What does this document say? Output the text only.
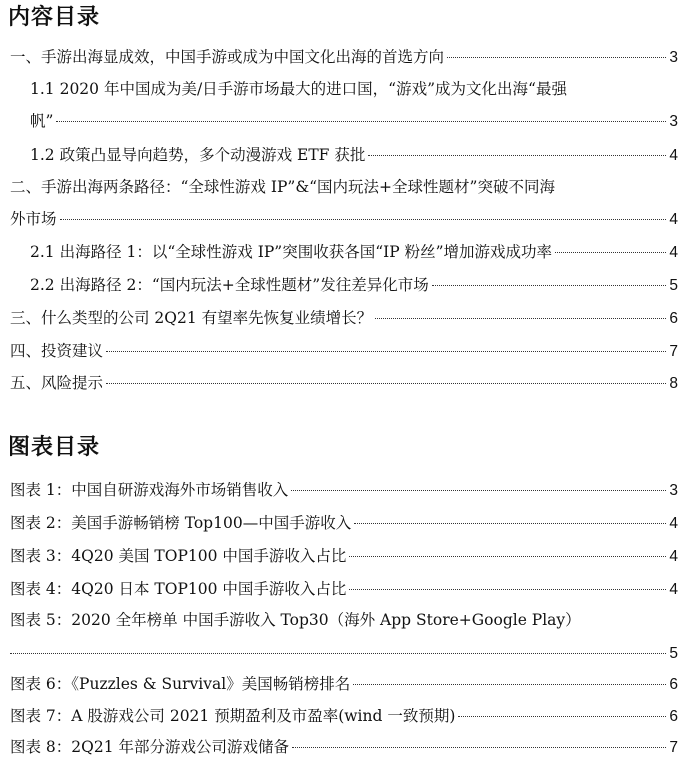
内容目录
一、手游出海显成效，中国手游或成为中国文化出海的首选方向	3
1.1 2020 年中国成为美/日手游市场最大的进口国，“游戏”成为文化出海“最强
帆”	3
1.2 政策凸显导向趋势，多个动漫游戏 ETF 获批	4
二、手游出海两条路径：“全球性游戏 IP”&“国内玩法+全球性题材”突破不同海
外市场	4
2.1 出海路径 1：以“全球性游戏 IP”突围收获各国“IP 粉丝”增加游戏成功率	4
2.2 出海路径 2：“国内玩法+全球性题材”发往差异化市场	5
三、什么类型的公司 2Q21 有望率先恢复业绩增长？	6
四、投资建议	7
五、风险提示	8
图表目录
图表 1：中国自研游戏海外市场销售收入	3
图表 2：美国手游畅销榜 Top100—中国手游收入	4
图表 3：4Q20 美国 TOP100 中国手游收入占比	4
图表 4：4Q20 日本 TOP100 中国手游收入占比	4
图表 5：2020 全年榜单 中国手游收入 Top30（海外 App Store+Google Play）
5
图表 6：《Puzzles & Survival》美国畅销榜排名	6
图表 7：A 股游戏公司 2021 预期盈利及市盈率(wind 一致预期)	6
图表 8：2Q21 年部分游戏公司游戏储备	7
